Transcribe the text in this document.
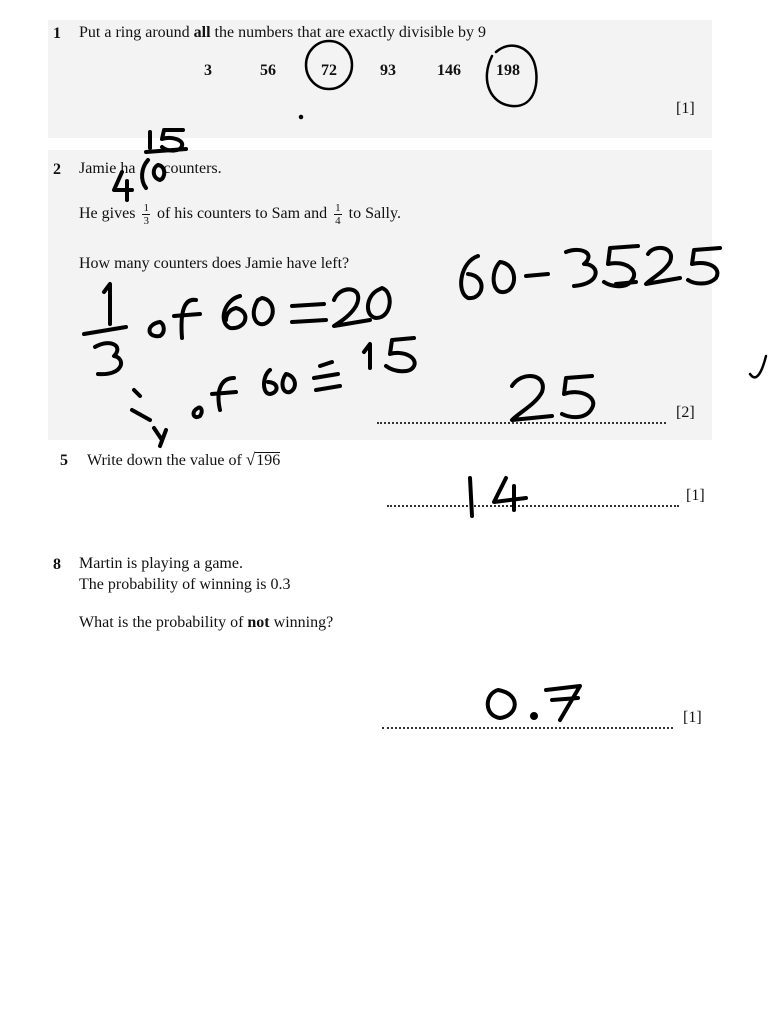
1 Put a ring around all the numbers that are exactly divisible by 9
3	56	72	93	146 198
[1]
2 Jamie ha counters.
He gives $\frac{1}{3}$ of his counters to Sam and $\frac{1}{4}$ to Sally.
How many counters does Jamie have left?
[2]
5 Write down the value of √196
[1]
8 Martin is playing a game.
The probability of winning is 0.3
What is the probability of not winning?
[1]
